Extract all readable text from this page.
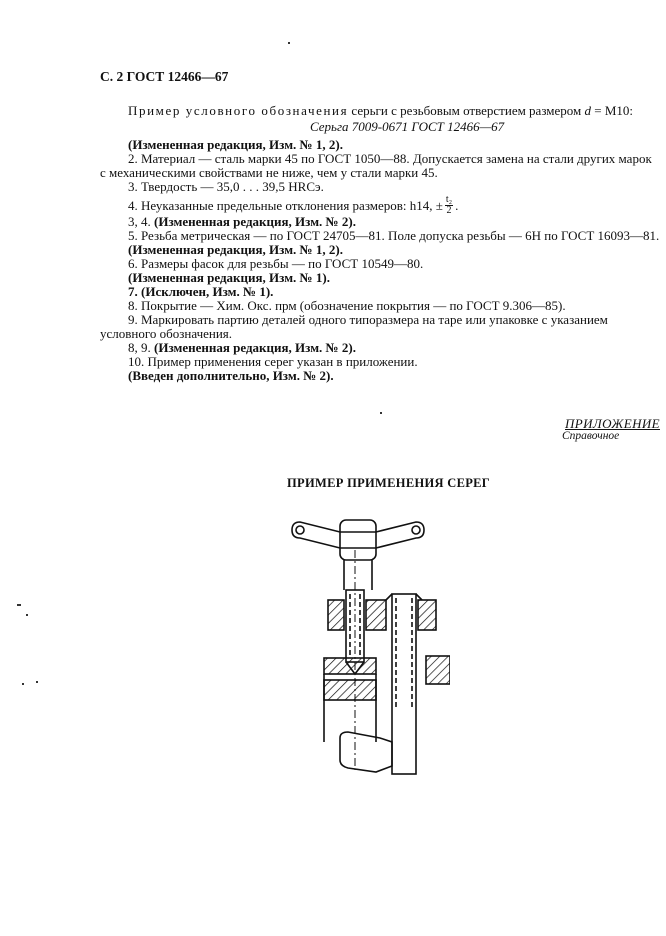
С. 2 ГОСТ 12466—67
Пример условного обозначения серьги с резьбовым отверстием размером d = М10:
Серьга 7009-0671 ГОСТ 12466—67
(Измененная редакция, Изм. № 1, 2).
2. Материал — сталь марки 45 по ГОСТ 1050—88. Допускается замена на стали других марок
с механическими свойствами не ниже, чем у стали марки 45.
3. Твердость — 35,0 . . . 39,5 HRCэ.
4. Неуказанные предельные отклонения размеров: h14, ± $\frac{\text{t₂}}{2}$ .
3, 4. (Измененная редакция, Изм. № 2).
5. Резьба метрическая — по ГОСТ 24705—81. Поле допуска резьбы — 6Н по ГОСТ 16093—81.
(Измененная редакция, Изм. № 1, 2).
6. Размеры фасок для резьбы — по ГОСТ 10549—80.
(Измененная редакция, Изм. № 1).
7. (Исключен, Изм. № 1).
8. Покрытие — Хим. Окс. прм (обозначение покрытия — по ГОСТ 9.306—85).
9. Маркировать партию деталей одного типоразмера на таре или упаковке с указанием
условного обозначения.
8, 9. (Измененная редакция, Изм. № 2).
10. Пример применения серег указан в приложении.
(Введен дополнительно, Изм. № 2).
ПРИЛОЖЕНИЕ
Справочное
ПРИМЕР ПРИМЕНЕНИЯ СЕРЕГ
